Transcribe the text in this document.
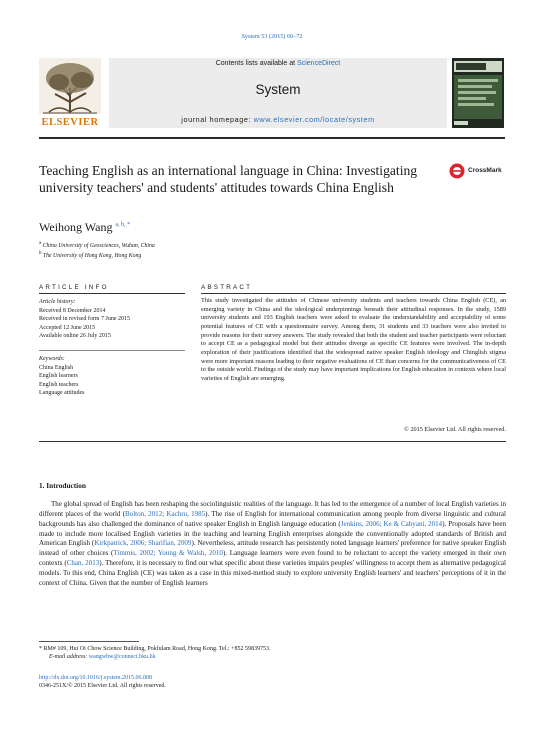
System 53 (2015) 60–72
ELSEVIER
Contents lists available at ScienceDirect
System
journal homepage: www.elsevier.com/locate/system
Teaching English as an international language in China: Investigating university teachers' and students' attitudes towards China English
CrossMark
Weihong Wang $^{a, b, *}$
$^a$ China University of Geosciences, Wuhan, China
$^b$ The University of Hong Kong, Hong Kong
ARTICLE INFO	ABSTRACT
Article history:
Received 8 December 2014
Received in revised form 7 June 2015
Accepted 12 June 2015
Available online 26 July 2015
Keywords:
China English
English learners
English teachers
Language attitudes
This study investigated the attitudes of Chinese university students and teachers towards China English (CE), an emerging variety in China and the ideological underpinnings beneath their attitudinal responses. In the study, 1589 university students and 193 English teachers were asked to evaluate the understandability and acceptability of some potential features of CE with a questionnaire survey. Among them, 31 students and 33 teachers were also invited to provide reasons for their survey answers. The study revealed that both the student and teacher participants were reluctant to accept CE as a pedagogical model but their attitudes diverge as specific CE features were involved. The in-depth exploration of their justifications identified that the widespread native speaker English ideology and Chinglish stigma were more important reasons leading to their negative evaluations of CE than concerns for the communicativeness of CE to the outside world. Findings of the study may have important implications for English education in contexts where local varieties of English are emerging.
© 2015 Elsevier Ltd. All rights reserved.
1. Introduction

The global spread of English has been reshaping the sociolinguistic realities of the language. It has led to the emergence of a number of local English varieties in different places of the world (Bolton, 2012; Kachru, 1985). The rise of English for international communication among people from diverse linguistic and cultural backgrounds has also challenged the dominance of native speaker English in English language education (Jenkins, 2006; Ke & Cahyani, 2014). Proposals have been made to include more localised English varieties in the teaching and learning English enterprises alongside the conventionally adopted standards of British and American English (Kirkpatrick, 2006; Sharifian, 2009). Nevertheless, attitude research has persistently noted language learners' preference for native speaker English instead of other choices (Timmis, 2002; Young & Walsh, 2010). Language learners were even found to be reluctant to accept the variety emerged in their own contexts (Chan, 2013). Therefore, it is necessary to find out what specific about these varieties impairs peoples' willingness to accept them as alternative pedagogical models. To this end, China English (CE) was taken as a case in this mixed-method study to explore university English learners' and teachers' perceptions of it in the context of China. Given that the number of English learners

* RM# 109, Hui Oi Chow Science Building, Pokfulam Road, Hong Kong. Tel.: +852 59839753.
E-mail address: wangwhw@connect.hku.hk
http://dx.doi.org/10.1016/j.system.2015.06.008
0346-251X/© 2015 Elsevier Ltd. All rights reserved.
